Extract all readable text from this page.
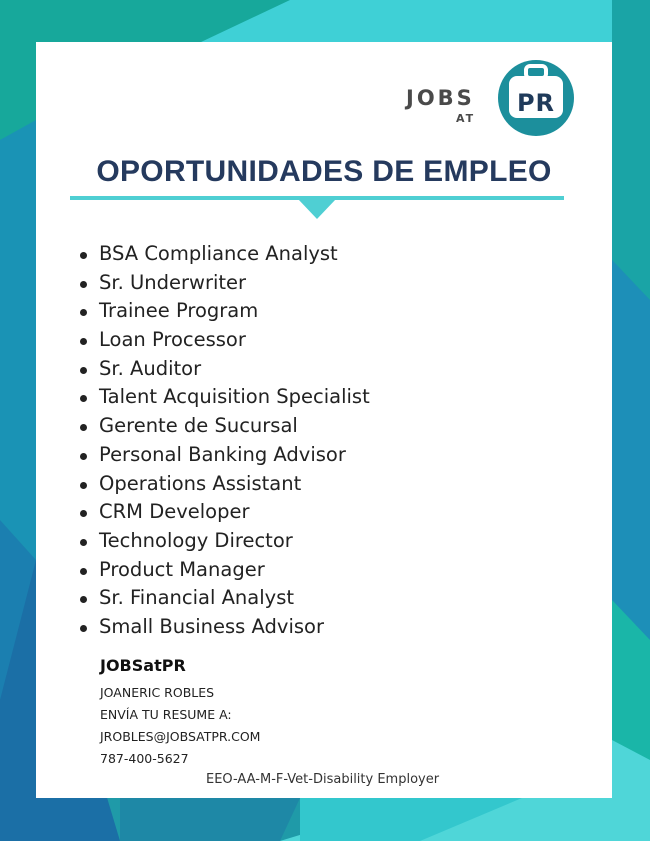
JOBS
AT
PR
OPORTUNIDADES DE EMPLEO
BSA Compliance Analyst
Sr. Underwriter
Trainee Program
Loan Processor
Sr. Auditor
Talent Acquisition Specialist
Gerente de Sucursal
Personal Banking Advisor
Operations Assistant
CRM Developer
Technology Director
Product Manager
Sr. Financial Analyst
Small Business Advisor
JOBSatPR
JOANERIC ROBLES
ENVÍA TU RESUME A:
JROBLES@JOBSATPR.COM
787-400-5627
EEO-AA-M-F-Vet-Disability Employer
